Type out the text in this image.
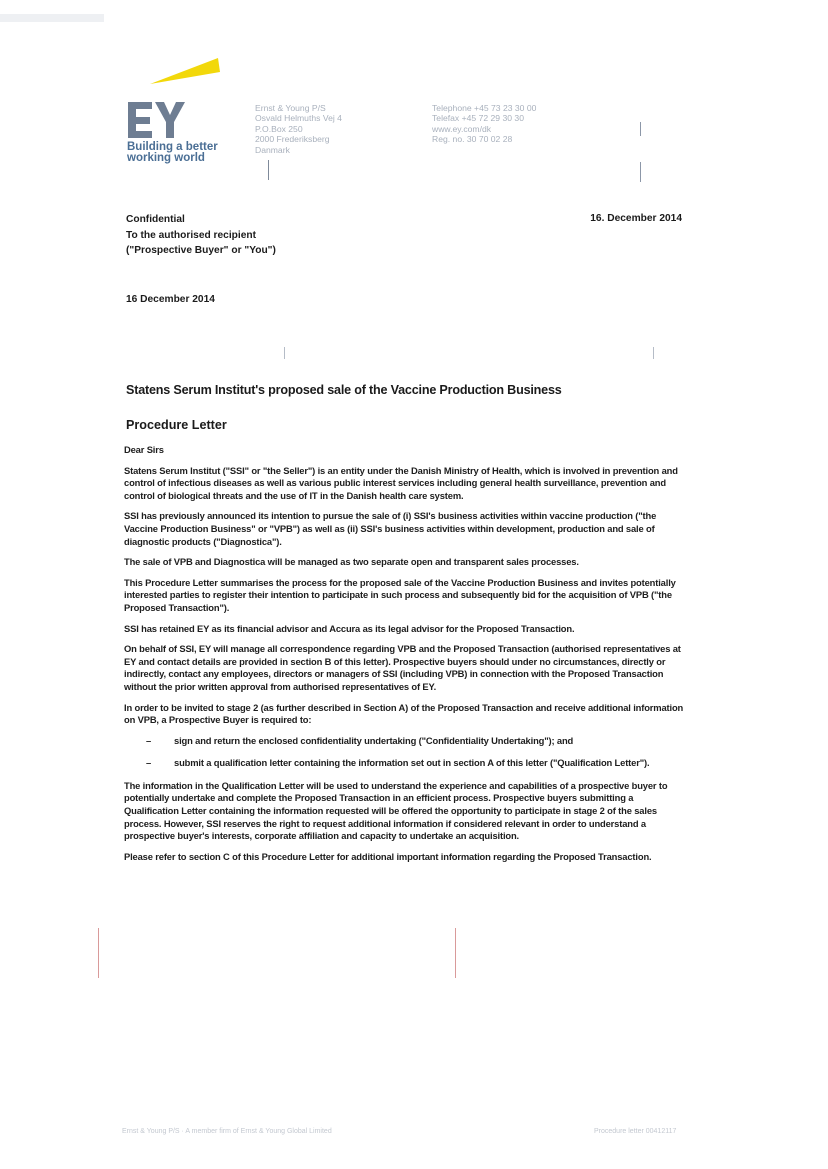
Building a better
working world
Ernst & Young P/S
Osvald Helmuths Vej 4
P.O.Box 250
2000 Frederiksberg
Danmark
Telephone +45 73 23 30 00
Telefax +45 72 29 30 30
www.ey.com/dk
Reg. no. 30 70 02 28
Confidential
To the authorised recipient
("Prospective Buyer" or "You")
16. December 2014
16 December 2014
Statens Serum Institut's proposed sale of the Vaccine Production Business
Procedure Letter

Dear Sirs

Statens Serum Institut ("SSI" or "the Seller") is an entity under the Danish Ministry of Health, which is involved in prevention and control of infectious diseases as well as various public interest services including general health surveillance, prevention and control of biological threats and the use of IT in the Danish health care system.

SSI has previously announced its intention to pursue the sale of (i) SSI's business activities within vaccine production ("the Vaccine Production Business" or "VPB") as well as (ii) SSI's business activities within development, production and sale of diagnostic products ("Diagnostica").

The sale of VPB and Diagnostica will be managed as two separate open and transparent sales processes.

This Procedure Letter summarises the process for the proposed sale of the Vaccine Production Business and invites potentially interested parties to register their intention to participate in such process and subsequently bid for the acquisition of VPB ("the Proposed Transaction").

SSI has retained EY as its financial advisor and Accura as its legal advisor for the Proposed Transaction.

On behalf of SSI, EY will manage all correspondence regarding VPB and the Proposed Transaction (authorised representatives at EY and contact details are provided in section B of this letter). Prospective buyers should under no circumstances, directly or indirectly, contact any employees, directors or managers of SSI (including VPB) in connection with the Proposed Transaction without the prior written approval from authorised representatives of EY.

In order to be invited to stage 2 (as further described in Section A) of the Proposed Transaction and receive additional information on VPB, a Prospective Buyer is required to:

– sign and return the enclosed confidentiality undertaking ("Confidentiality Undertaking"); and
– submit a qualification letter containing the information set out in section A of this letter ("Qualification Letter").

The information in the Qualification Letter will be used to understand the experience and capabilities of a prospective buyer to potentially undertake and complete the Proposed Transaction in an efficient process. Prospective buyers submitting a Qualification Letter containing the information requested will be offered the opportunity to participate in stage 2 of the sales process. However, SSI reserves the right to request additional information if considered relevant in order to understand a prospective buyer's interests, corporate affiliation and capacity to undertake an acquisition.

Please refer to section C of this Procedure Letter for additional important information regarding the Proposed Transaction.

Ernst & Young P/S · A member firm of Ernst & Young Global Limited	Procedure letter 00412117
